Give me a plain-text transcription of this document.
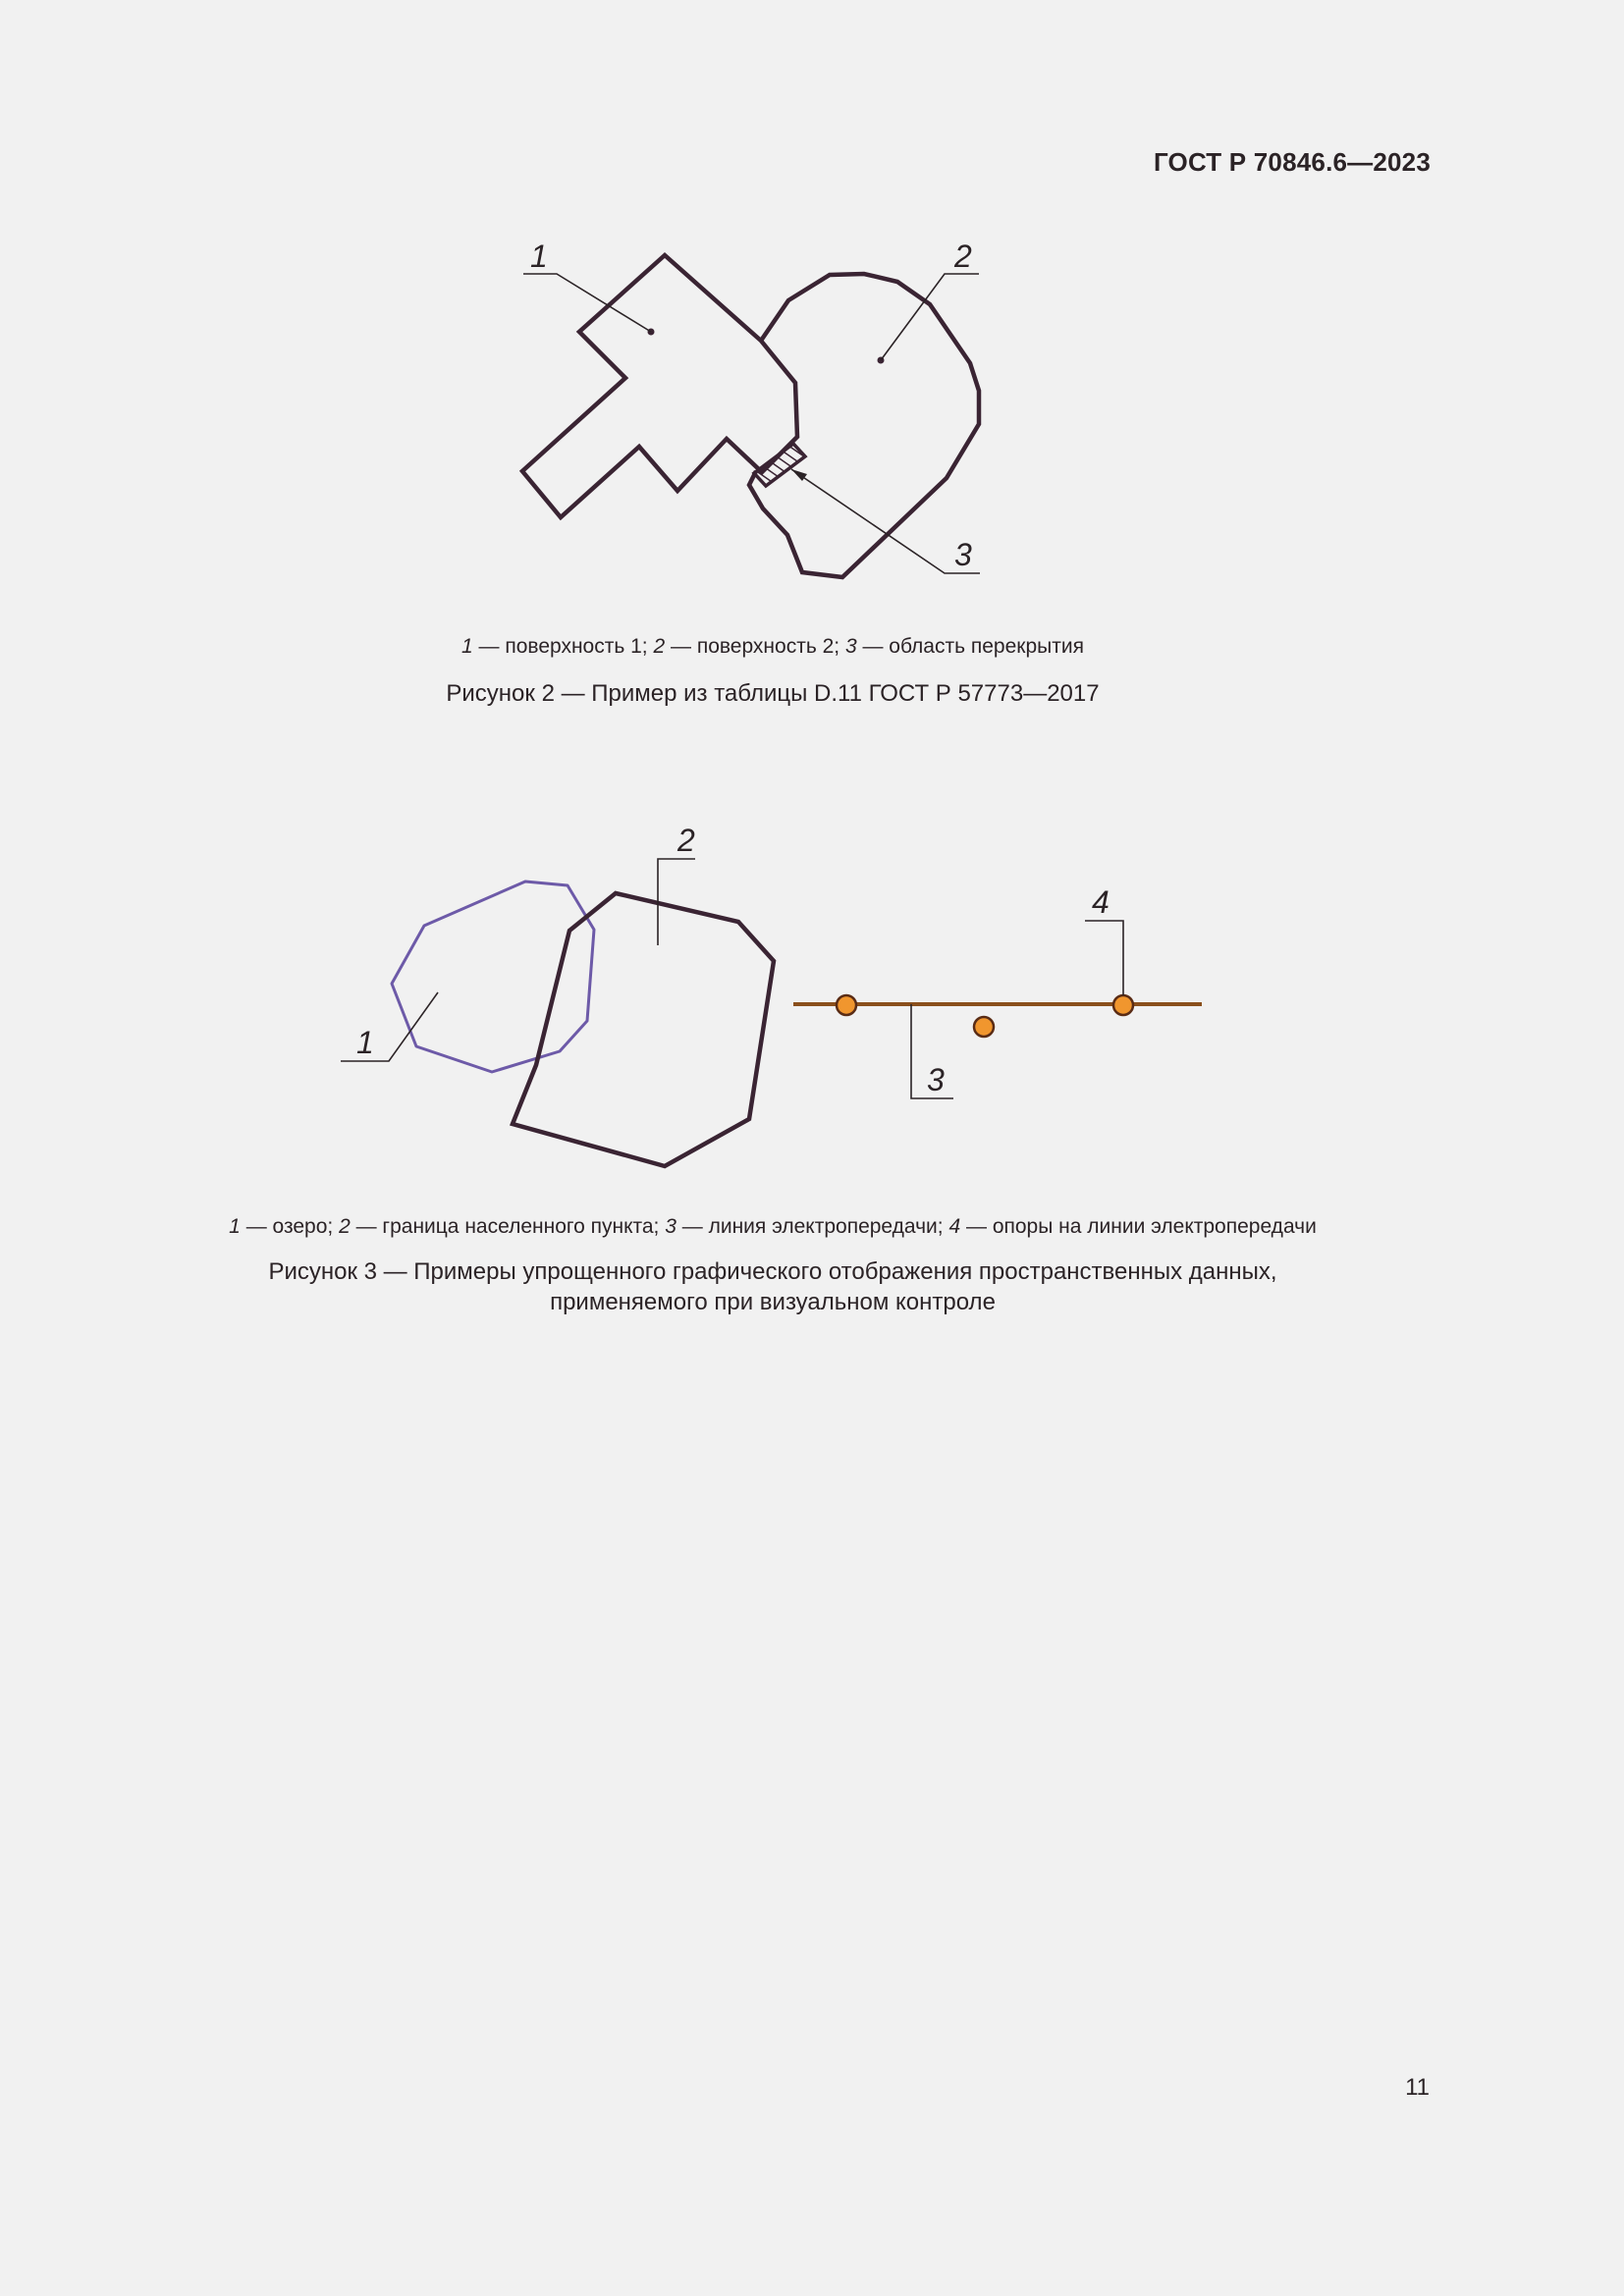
ГОСТ Р 70846.6—2023

1	2
3

1 — поверхность 1; 2 — поверхность 2; 3 — область перекрытия

Рисунок 2 — Пример из таблицы D.11 ГОСТ Р 57773—2017

1
2
3
4

1 — озеро; 2 — граница населенного пункта; 3 — линия электропередачи; 4 — опоры на линии электропередачи

Рисунок 3 — Примеры упрощенного графического отображения пространственных данных,
применяемого при визуальном контроле

11
